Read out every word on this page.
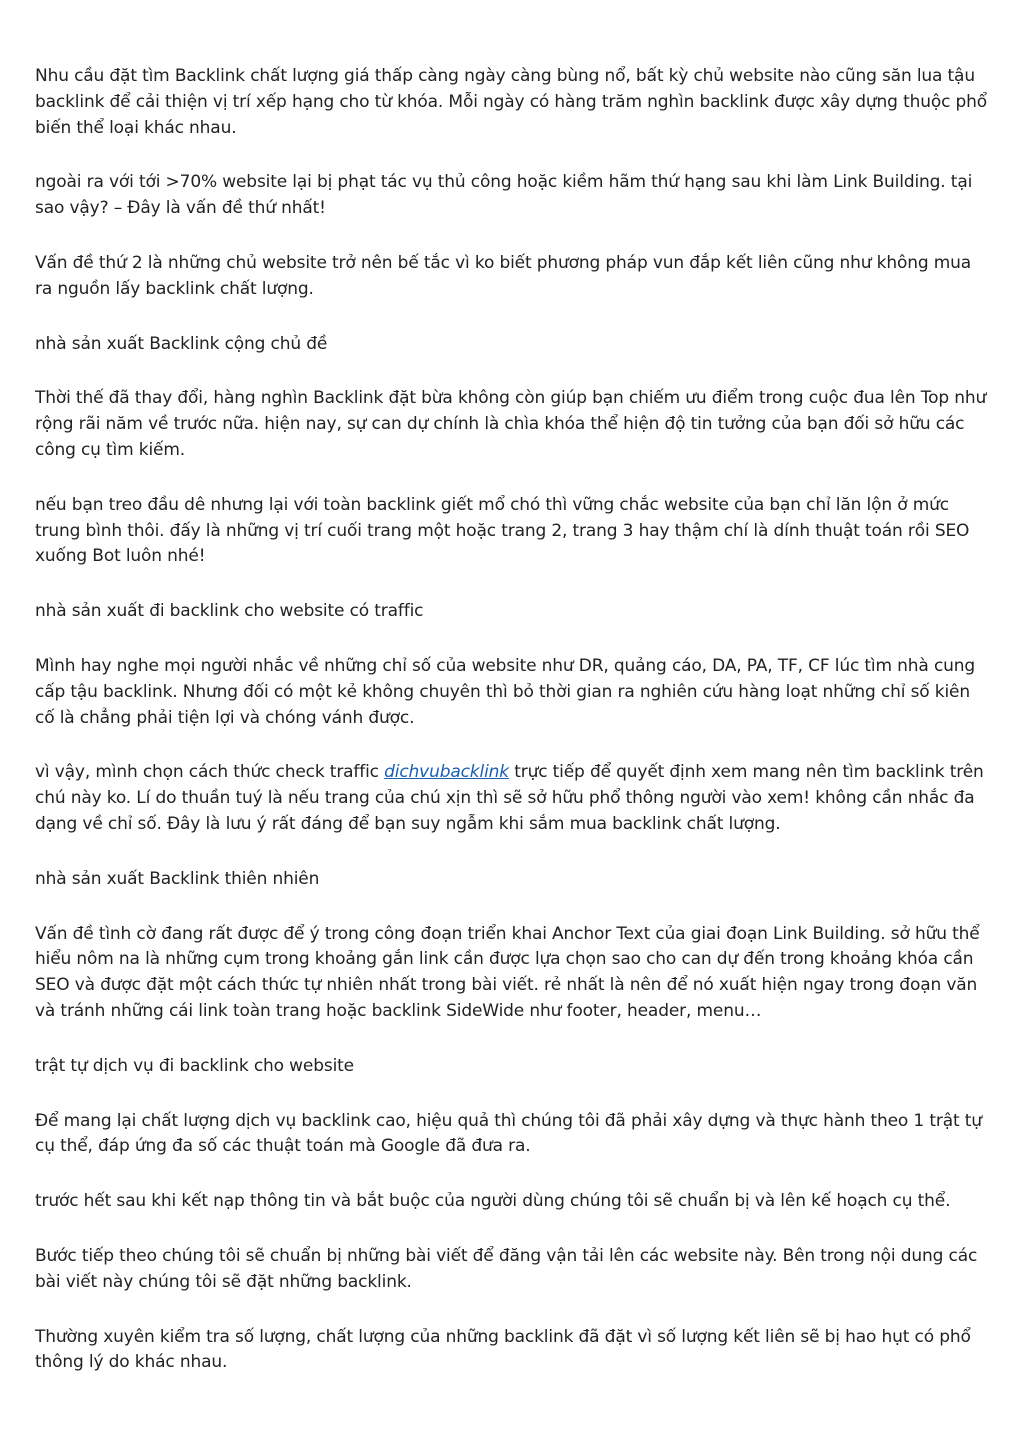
Nhu cầu đặt tìm Backlink chất lượng giá thấp càng ngày càng bùng nổ, bất kỳ chủ website nào cũng săn lua tậu backlink để cải thiện vị trí xếp hạng cho từ khóa. Mỗi ngày có hàng trăm nghìn backlink được xây dựng thuộc phổ biến thể loại khác nhau.

ngoài ra với tới >70% website lại bị phạt tác vụ thủ công hoặc kiềm hãm thứ hạng sau khi làm Link Building. tại sao vậy? – Đây là vấn đề thứ nhất!

Vấn đề thứ 2 là những chủ website trở nên bế tắc vì ko biết phương pháp vun đắp kết liên cũng như không mua ra nguồn lấy backlink chất lượng.

nhà sản xuất Backlink cộng chủ đề

Thời thế đã thay đổi, hàng nghìn Backlink đặt bừa không còn giúp bạn chiếm ưu điểm trong cuộc đua lên Top như rộng rãi năm về trước nữa. hiện nay, sự can dự chính là chìa khóa thể hiện độ tin tưởng của bạn đối sở hữu các công cụ tìm kiếm.

nếu bạn treo đầu dê nhưng lại với toàn backlink giết mổ chó thì vững chắc website của bạn chỉ lăn lộn ở mức trung bình thôi. đấy là những vị trí cuối trang một hoặc trang 2, trang 3 hay thậm chí là dính thuật toán rồi SEO xuống Bot luôn nhé!

nhà sản xuất đi backlink cho website có traffic

Mình hay nghe mọi người nhắc về những chỉ số của website như DR, quảng cáo, DA, PA, TF, CF lúc tìm nhà cung cấp tậu backlink. Nhưng đối có một kẻ không chuyên thì bỏ thời gian ra nghiên cứu hàng loạt những chỉ số kiên cố là chẳng phải tiện lợi và chóng vánh được.

vì vậy, mình chọn cách thức check traffic dichvubacklink trực tiếp để quyết định xem mang nên tìm backlink trên chú này ko. Lí do thuần tuý là nếu trang của chú xịn thì sẽ sở hữu phổ thông người vào xem! không cần nhắc đa dạng về chỉ số. Đây là lưu ý rất đáng để bạn suy ngẫm khi sắm mua backlink chất lượng.

nhà sản xuất Backlink thiên nhiên

Vấn đề tình cờ đang rất được để ý trong công đoạn triển khai Anchor Text của giai đoạn Link Building. sở hữu thể hiểu nôm na là những cụm trong khoảng gắn link cần được lựa chọn sao cho can dự đến trong khoảng khóa cần SEO và được đặt một cách thức tự nhiên nhất trong bài viết. rẻ nhất là nên để nó xuất hiện ngay trong đoạn văn và tránh những cái link toàn trang hoặc backlink SideWide như footer, header, menu…

trật tự dịch vụ đi backlink cho website

Để mang lại chất lượng dịch vụ backlink cao, hiệu quả thì chúng tôi đã phải xây dựng và thực hành theo 1 trật tự cụ thể, đáp ứng đa số các thuật toán mà Google đã đưa ra.

trước hết sau khi kết nạp thông tin và bắt buộc của người dùng chúng tôi sẽ chuẩn bị và lên kế hoạch cụ thể.

Bước tiếp theo chúng tôi sẽ chuẩn bị những bài viết để đăng vận tải lên các website này. Bên trong nội dung các bài viết này chúng tôi sẽ đặt những backlink.

Thường xuyên kiểm tra số lượng, chất lượng của những backlink đã đặt vì số lượng kết liên sẽ bị hao hụt có phổ thông lý do khác nhau.
